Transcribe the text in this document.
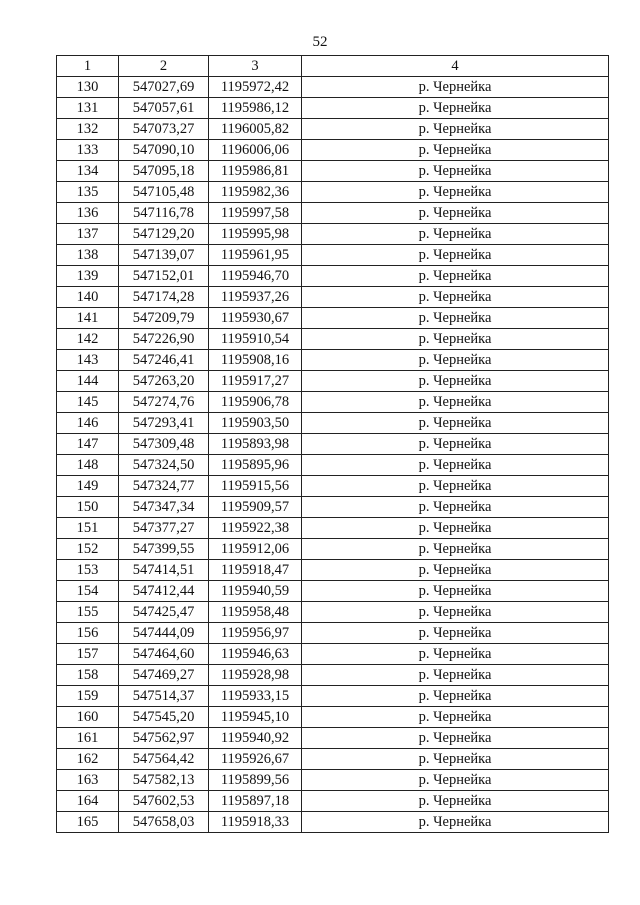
52
1	2	3	4
130	547027,69	1195972,42	р. Чернейка
131	547057,61	1195986,12	р. Чернейка
132	547073,27	1196005,82	р. Чернейка
133	547090,10	1196006,06	р. Чернейка
134	547095,18	1195986,81	р. Чернейка
135	547105,48	1195982,36	р. Чернейка
136	547116,78	1195997,58	р. Чернейка
137	547129,20	1195995,98	р. Чернейка
138	547139,07	1195961,95	р. Чернейка
139	547152,01	1195946,70	р. Чернейка
140	547174,28	1195937,26	р. Чернейка
141	547209,79	1195930,67	р. Чернейка
142	547226,90	1195910,54	р. Чернейка
143	547246,41	1195908,16	р. Чернейка
144	547263,20	1195917,27	р. Чернейка
145	547274,76	1195906,78	р. Чернейка
146	547293,41	1195903,50	р. Чернейка
147	547309,48	1195893,98	р. Чернейка
148	547324,50	1195895,96	р. Чернейка
149	547324,77	1195915,56	р. Чернейка
150	547347,34	1195909,57	р. Чернейка
151	547377,27	1195922,38	р. Чернейка
152	547399,55	1195912,06	р. Чернейка
153	547414,51	1195918,47	р. Чернейка
154	547412,44	1195940,59	р. Чернейка
155	547425,47	1195958,48	р. Чернейка
156	547444,09	1195956,97	р. Чернейка
157	547464,60	1195946,63	р. Чернейка
158	547469,27	1195928,98	р. Чернейка
159	547514,37	1195933,15	р. Чернейка
160	547545,20	1195945,10	р. Чернейка
161	547562,97	1195940,92	р. Чернейка
162	547564,42	1195926,67	р. Чернейка
163	547582,13	1195899,56	р. Чернейка
164	547602,53	1195897,18	р. Чернейка
165	547658,03	1195918,33	р. Чернейка
